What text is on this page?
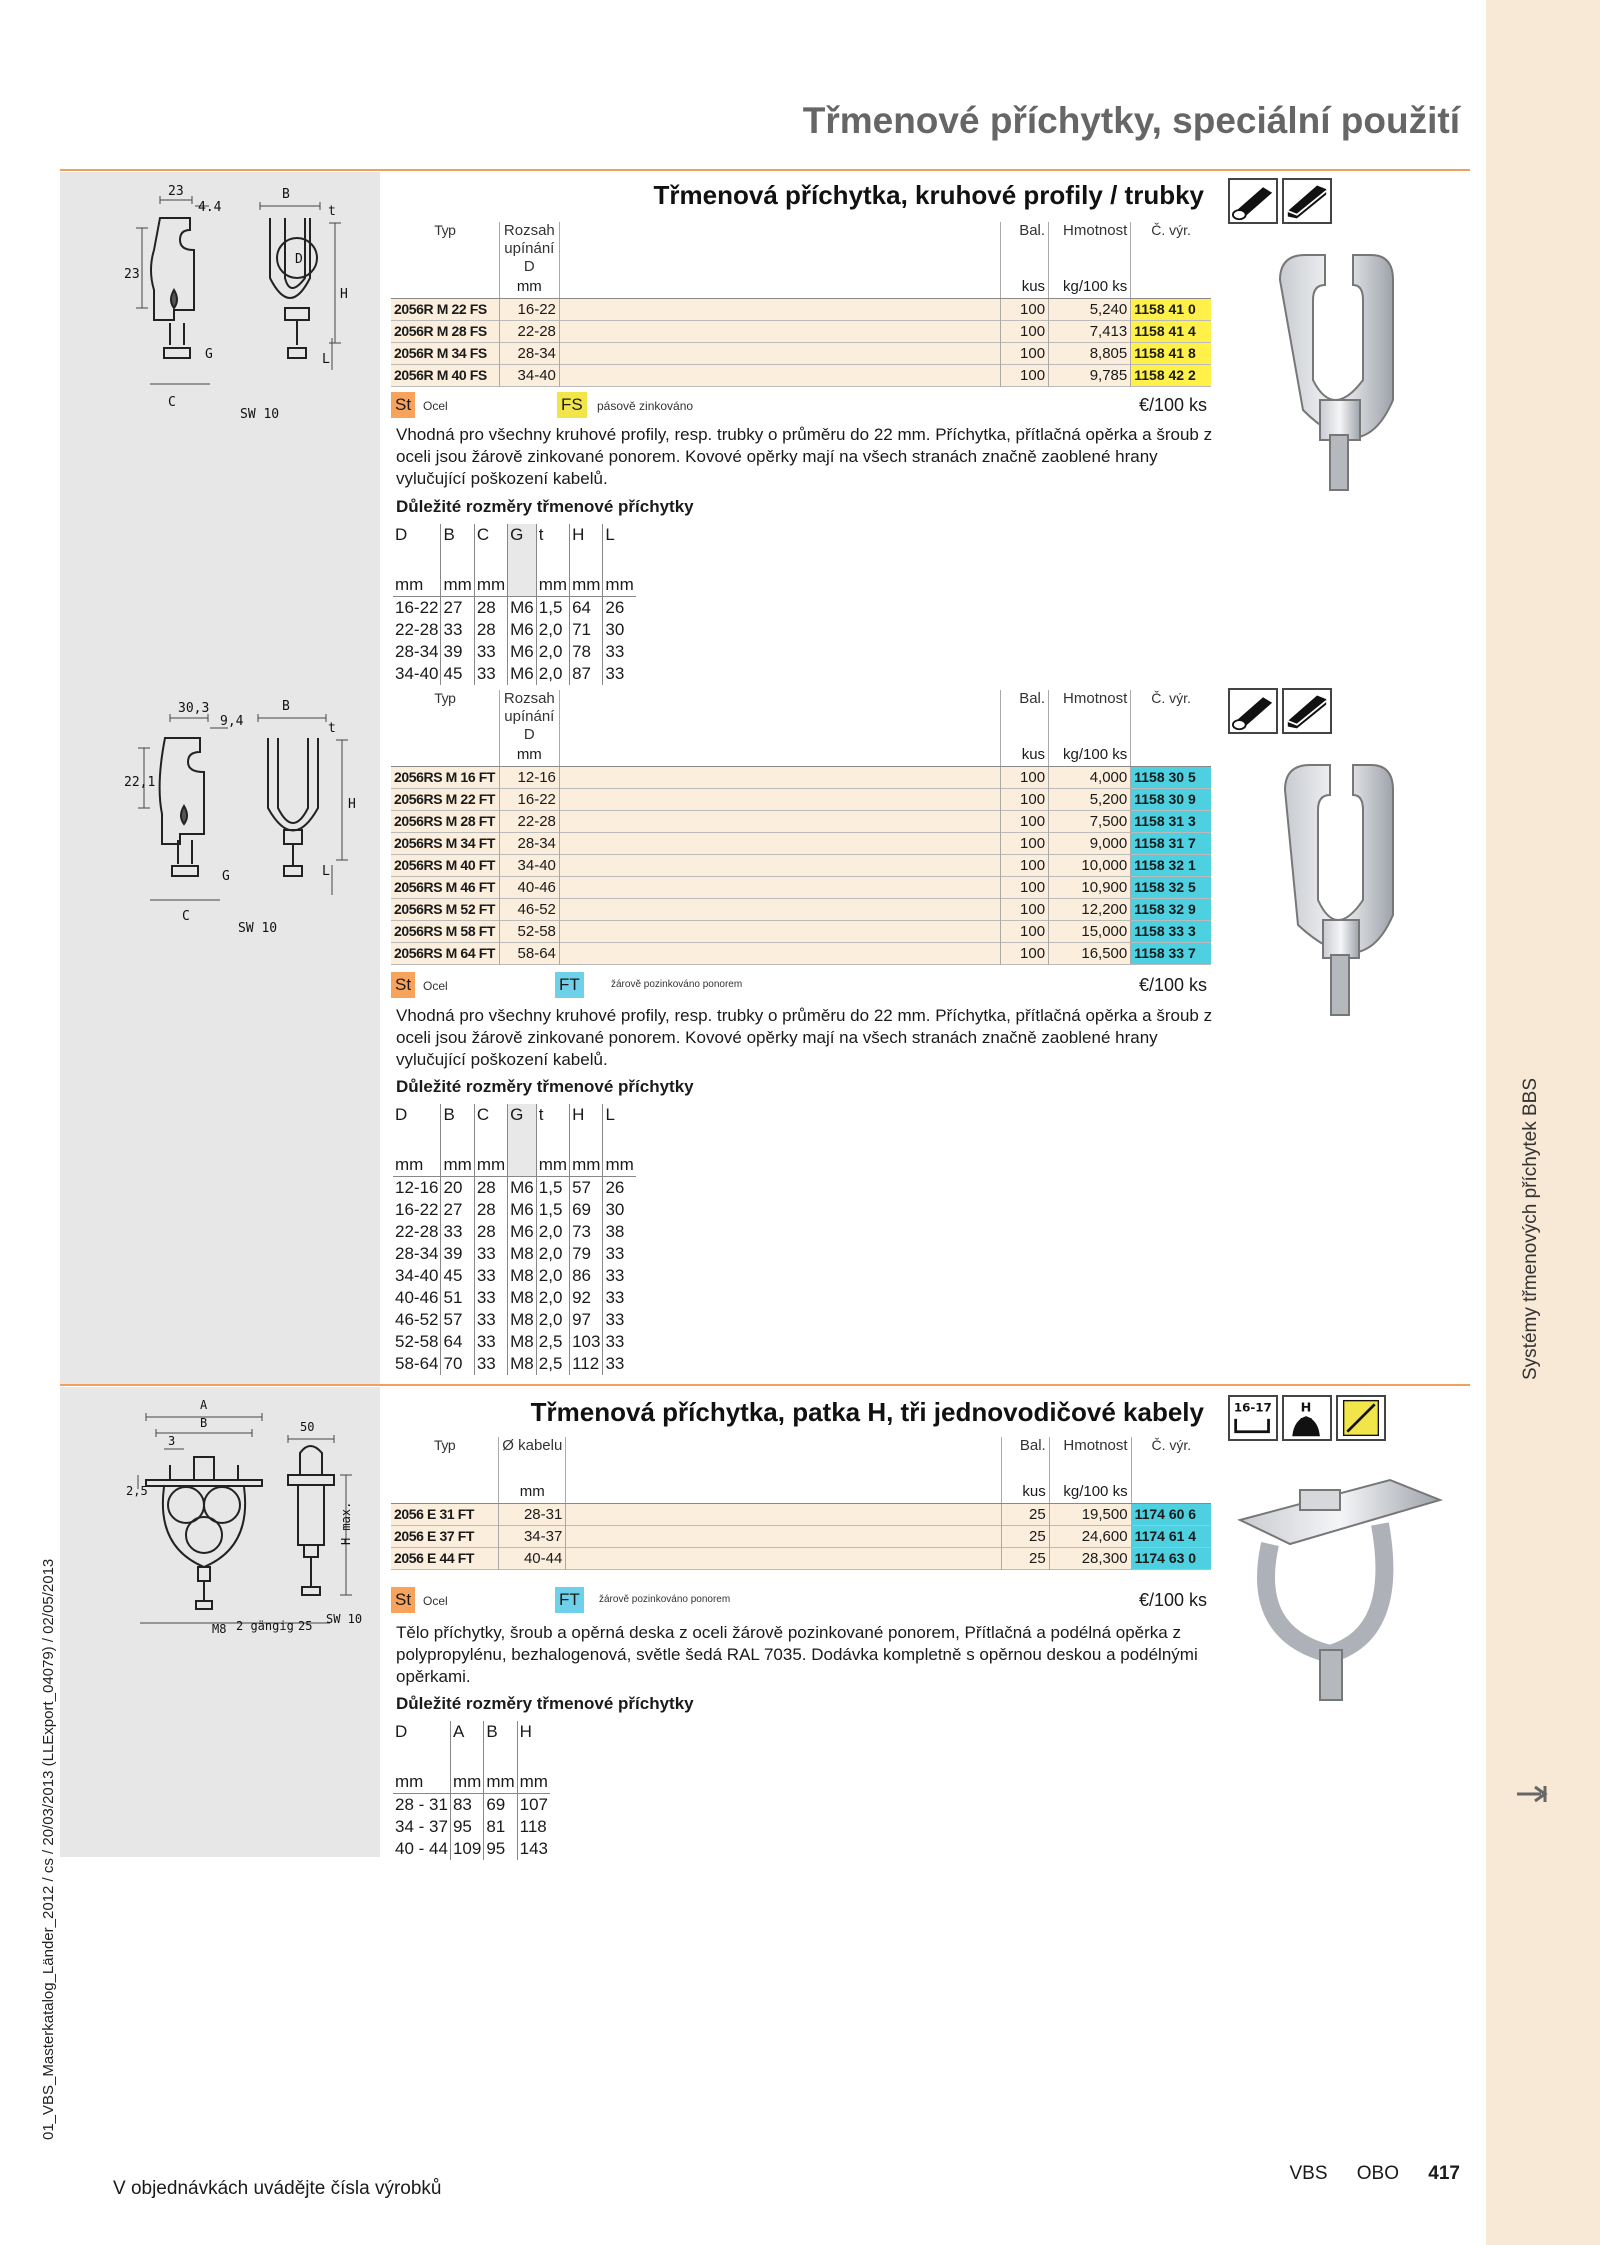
Systémy třmenových příchytek BBS
01_VBS_Masterkatalog_Länder_2012 / cs / 20/03/2013 (LLExport_04079) / 02/05/2013
Třmenové příchytky, speciální použití
23
4.4
B
t
23
H
D
L
G
C
SW 10
Třmenová příchytka, kruhové profily / trubky
Typ	Rozsah upínání D		Bal.	Hmotnost	Č. výr.

	mm		kus	kg/100 ks	
2056R M 22 FS	16-22		100	5,240	1158 41 0
2056R M 28 FS	22-28		100	7,413	1158 41 4
2056R M 34 FS	28-34		100	8,805	1158 41 8
2056R M 40 FS	34-40		100	9,785	1158 42 2
St Ocel	FS	pásově zinkováno	€/100 ks
Vhodná pro všechny kruhové profily, resp. trubky o průměru do 22 mm. Příchytka, přítlačná opěrka a šroub z oceli jsou žárově zinkované ponorem. Kovové opěrky mají na všech stranách značně zaoblené hrany vylučující poškození kabelů.
Důležité rozměry třmenové příchytky
D	B	C	G	t	H	L
mm	mm	mm		mm	mm	mm
16-22	27	28	M6	1,5	64	26
22-28	33	28	M6	2,0	71	30
28-34	39	33	M6	2,0	78	33
34-40	45	33	M6	2,0	87	33
30,3
9,4
B
t
22,1
H
L
G
C
SW 10
Typ	Rozsah upínání D		Bal.	Hmotnost	Č. výr.

	mm		kus	kg/100 ks	
2056RS M 16 FT	12-16		100	4,000	1158 30 5
2056RS M 22 FT	16-22		100	5,200	1158 30 9
2056RS M 28 FT	22-28		100	7,500	1158 31 3
2056RS M 34 FT	28-34		100	9,000	1158 31 7
2056RS M 40 FT	34-40		100	10,000	1158 32 1
2056RS M 46 FT	40-46		100	10,900	1158 32 5
2056RS M 52 FT	46-52		100	12,200	1158 32 9
2056RS M 58 FT	52-58		100	15,000	1158 33 3
2056RS M 64 FT	58-64		100	16,500	1158 33 7
St Ocel	FT	žárově pozinkováno ponorem	€/100 ks
Vhodná pro všechny kruhové profily, resp. trubky o průměru do 22 mm. Příchytka, přítlačná opěrka a šroub z oceli jsou žárově zinkované ponorem. Kovové opěrky mají na všech stranách značně zaoblené hrany vylučující poškození kabelů.
Důležité rozměry třmenové příchytky
D	B	C	G	t	H	L
mm	mm	mm		mm	mm	mm
12-16	20	28	M6	1,5	57	26
16-22	27	28	M6	1,5	69	30
22-28	33	28	M6	2,0	73	38
28-34	39	33	M8	2,0	79	33
34-40	45	33	M8	2,0	86	33
40-46	51	33	M8	2,0	92	33
46-52	57	33	M8	2,0	97	33
52-58	64	33	M8	2,5	103	33
58-64	70	33	M8	2,5	112	33
A
B
3
50
2,5
H max.
M8 2 gängig 25 SW 10
Třmenová příchytka, patka H, tři jednovodičové kabely 16-17 H
Typ	Ø kabelu		Bal.	Hmotnost	Č. výr.

	mm		kus	kg/100 ks	
2056 E 31 FT	28-31		25	19,500	1174 60 6
2056 E 37 FT	34-37		25	24,600	1174 61 4
2056 E 44 FT	40-44		25	28,300	1174 63 0
St Ocel	FT	žárově pozinkováno ponorem	€/100 ks
Tělo příchytky, šroub a opěrná deska z oceli žárově pozinkované ponorem, Přítlačná a podélná opěrka z polypropylénu, bezhalogenová, světle šedá RAL 7035. Dodávka kompletně s opěrnou deskou a podélnými opěrkami.
Důležité rozměry třmenové příchytky
D	A	B	H
mm	mm	mm	mm
28 - 31	83	69	107
34 - 37	95	81	118
40 - 44	109	95	143
V objednávkách uvádějte čísla výrobků
VBS OBO 417
